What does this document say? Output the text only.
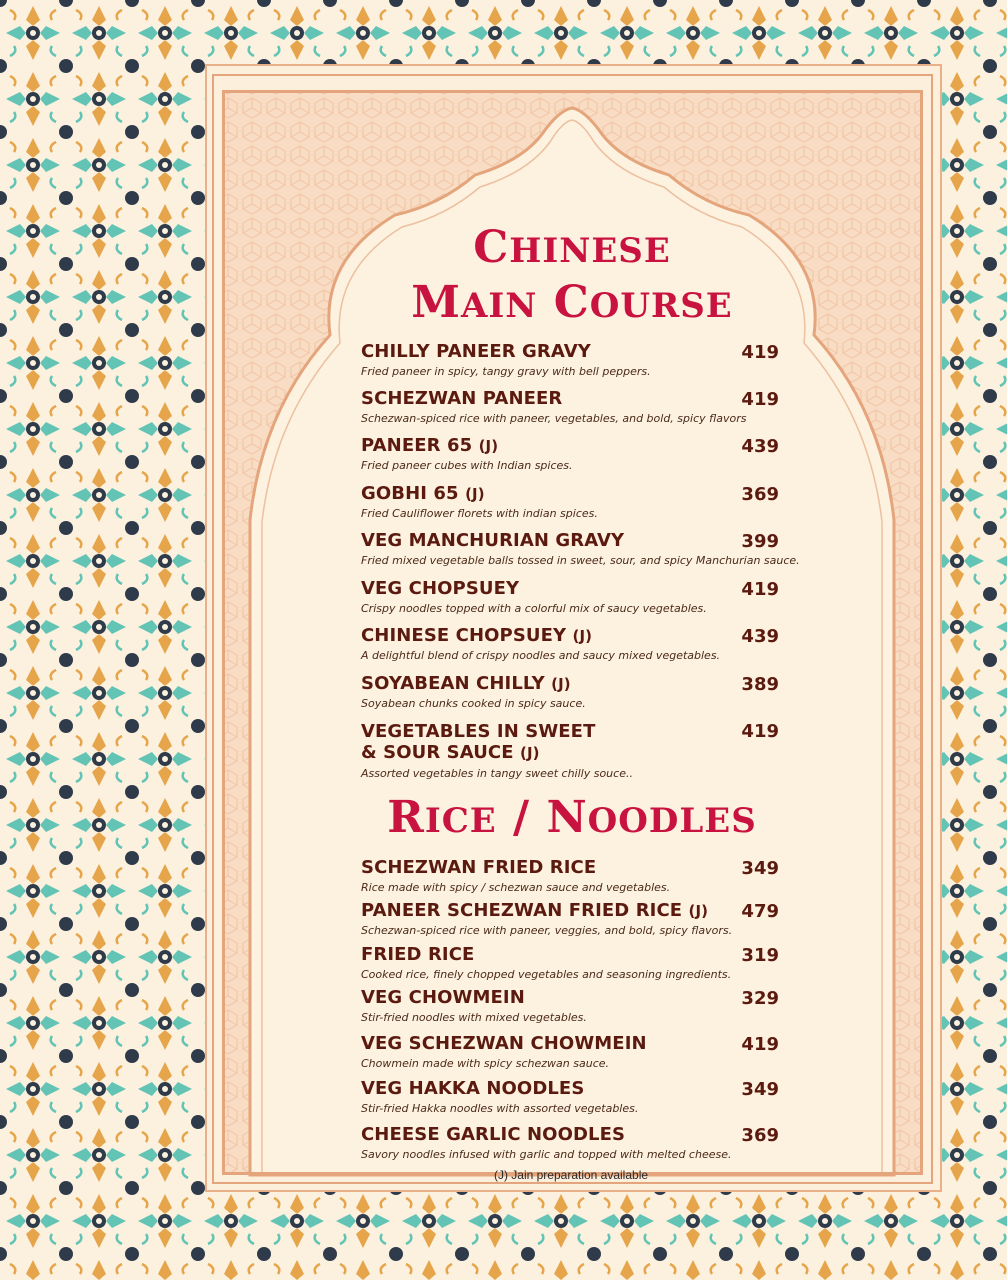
CHINESE
MAIN COURSE
CHILLY PANEER GRAVY	419
Fried paneer in spicy, tangy gravy with bell peppers.
SCHEZWAN PANEER	419
Schezwan-spiced rice with paneer, vegetables, and bold, spicy flavors
PANEER 65 (J)	439
Fried paneer cubes with Indian spices.
GOBHI 65 (J)	369
Fried Cauliflower florets with indian spices.
VEG MANCHURIAN GRAVY	399
Fried mixed vegetable balls tossed in sweet, sour, and spicy Manchurian sauce.
VEG CHOPSUEY	419
Crispy noodles topped with a colorful mix of saucy vegetables.
CHINESE CHOPSUEY (J)	439
A delightful blend of crispy noodles and saucy mixed vegetables.
SOYABEAN CHILLY (J)	389
Soyabean chunks cooked in spicy sauce.
VEGETABLES IN SWEET
& SOUR SAUCE (J)
419
Assorted vegetables in tangy sweet chilly souce..
RICE / NOODLES
SCHEZWAN FRIED RICE	349
Rice made with spicy / schezwan sauce and vegetables.
PANEER SCHEZWAN FRIED RICE (J)	479
Schezwan-spiced rice with paneer, veggies, and bold, spicy flavors.
FRIED RICE	319
Cooked rice, finely chopped vegetables and seasoning ingredients.
VEG CHOWMEIN	329
Stir-fried noodles with mixed vegetables.
VEG SCHEZWAN CHOWMEIN	419
Chowmein made with spicy schezwan sauce.
VEG HAKKA NOODLES	349
Stir-fried Hakka noodles with assorted vegetables.
CHEESE GARLIC NOODLES	369
Savory noodles infused with garlic and topped with melted cheese.
(J) Jain preparation available
